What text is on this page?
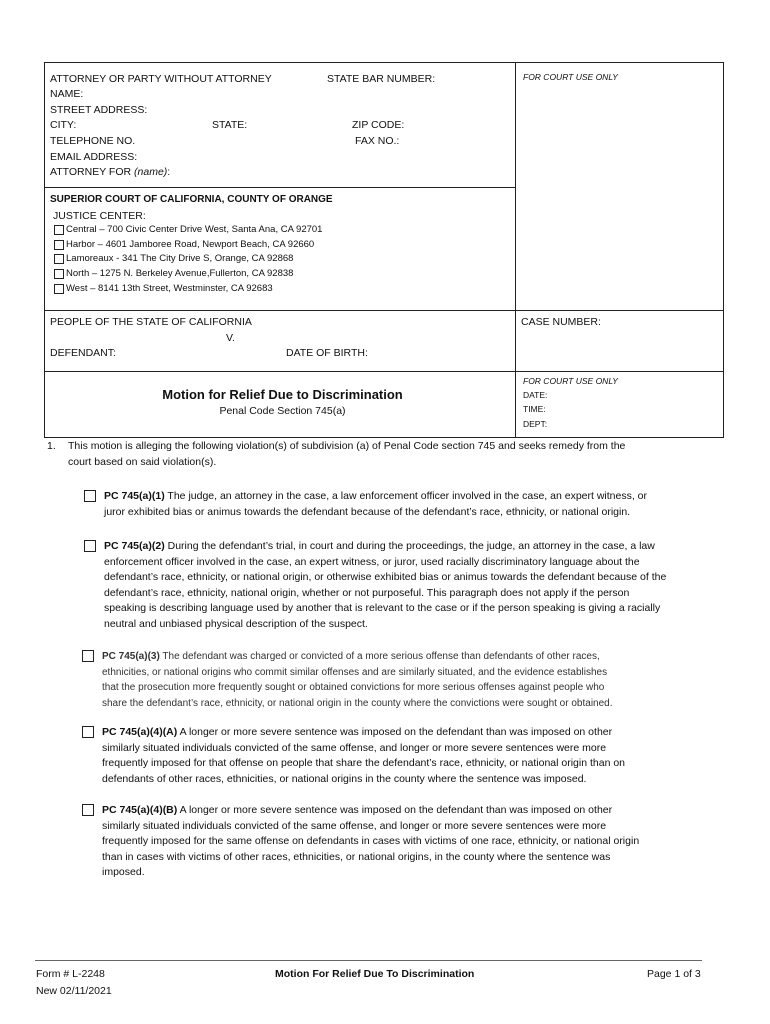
ATTORNEY OR PARTY WITHOUT ATTORNEY	STATE BAR NUMBER:	FOR COURT USE ONLY
NAME:
STREET ADDRESS:
CITY:	STATE:	ZIP CODE:
TELEPHONE NO.	FAX NO.:
EMAIL ADDRESS:
ATTORNEY FOR (name):
SUPERIOR COURT OF CALIFORNIA, COUNTY OF ORANGE
JUSTICE CENTER:
Central – 700 Civic Center Drive West, Santa Ana, CA 92701
Harbor – 4601 Jamboree Road, Newport Beach, CA 92660
Lamoreaux - 341 The City Drive S, Orange, CA 92868
North – 1275 N. Berkeley Avenue,Fullerton, CA 92838
West – 8141 13th Street, Westminster, CA 92683
PEOPLE OF THE STATE OF CALIFORNIA
V.
DEFENDANT:	DATE OF BIRTH:
CASE NUMBER:
Motion for Relief Due to Discrimination
Penal Code Section 745(a)
FOR COURT USE ONLY
DATE:
TIME:
DEPT:
1. This motion is alleging the following violation(s) of subdivision (a) of Penal Code section 745 and seeks remedy from the
court based on said violation(s).
PC 745(a)(1) The judge, an attorney in the case, a law enforcement officer involved in the case, an expert witness, or
juror exhibited bias or animus towards the defendant because of the defendant’s race, ethnicity, or national origin.
PC 745(a)(2) During the defendant’s trial, in court and during the proceedings, the judge, an attorney in the case, a law
enforcement officer involved in the case, an expert witness, or juror, used racially discriminatory language about the
defendant’s race, ethnicity, or national origin, or otherwise exhibited bias or animus towards the defendant because of the
defendant’s race, ethnicity, national origin, whether or not purposeful. This paragraph does not apply if the person
speaking is describing language used by another that is relevant to the case or if the person speaking is giving a racially
neutral and unbiased physical description of the suspect.
PC 745(a)(3) The defendant was charged or convicted of a more serious offense than defendants of other races,
ethnicities, or national origins who commit similar offenses and are similarly situated, and the evidence establishes
that the prosecution more frequently sought or obtained convictions for more serious offenses against people who
share the defendant’s race, ethnicity, or national origin in the county where the convictions were sought or obtained.
PC 745(a)(4)(A) A longer or more severe sentence was imposed on the defendant than was imposed on other
similarly situated individuals convicted of the same offense, and longer or more severe sentences were more
frequently imposed for that offense on people that share the defendant’s race, ethnicity, or national origin than on
defendants of other races, ethnicities, or national origins in the county where the sentence was imposed.
PC 745(a)(4)(B) A longer or more severe sentence was imposed on the defendant than was imposed on other
similarly situated individuals convicted of the same offense, and longer or more severe sentences were more
frequently imposed for the same offense on defendants in cases with victims of one race, ethnicity, or national origin
than in cases with victims of other races, ethnicities, or national origins, in the county where the sentence was
imposed.
Form # L-2248
New 02/11/2021
Motion For Relief Due To Discrimination	Page 1 of 3
